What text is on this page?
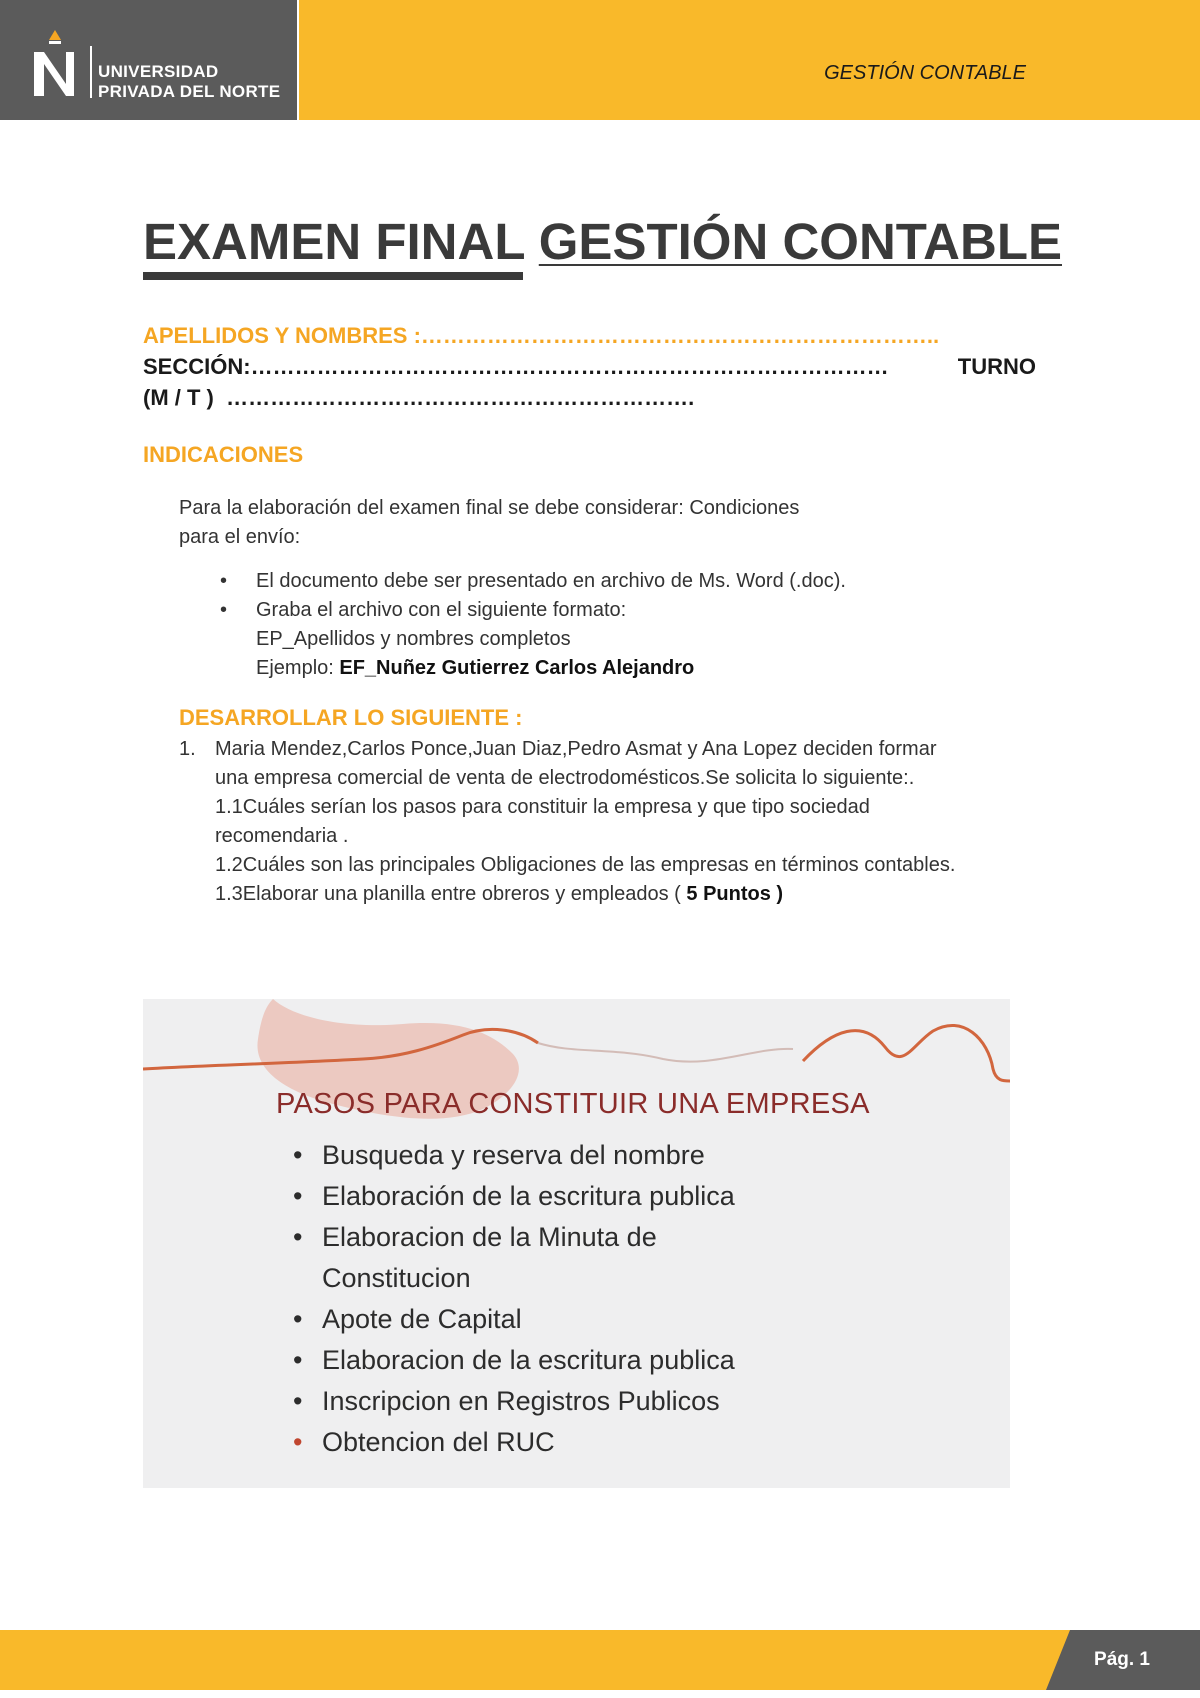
UNIVERSIDAD
PRIVADA DEL NORTE
GESTIÓN CONTABLE
EXAMEN FINAL GESTIÓN CONTABLE
APELLIDOS Y NOMBRES :……………………………………………………………..
SECCIÓN:……………………………………………………………………………	TURNO
(M / T ) ……………………………………………………….
INDICACIONES
Para la elaboración del examen final se debe considerar: Condiciones
para el envío:
• El documento debe ser presentado en archivo de Ms. Word (.doc).
• Graba el archivo con el siguiente formato:
EP_Apellidos y nombres completos
Ejemplo: EF_Nuñez Gutierrez Carlos Alejandro
DESARROLLAR LO SIGUIENTE :
1. Maria Mendez,Carlos Ponce,Juan Diaz,Pedro Asmat y Ana Lopez deciden formar
una empresa comercial de venta de electrodomésticos.Se solicita lo siguiente:.
1.1Cuáles serían los pasos para constituir la empresa y que tipo sociedad
recomendaria .
1.2Cuáles son las principales Obligaciones de las empresas en términos contables.
1.3Elaborar una planilla entre obreros y empleados ( 5 Puntos )
PASOS PARA CONSTITUIR UNA EMPRESA
• Busqueda y reserva del nombre
• Elaboración de la escritura publica
• Elaboracion de la Minuta de
Constitucion
• Apote de Capital
• Elaboracion de la escritura publica
• Inscripcion en Registros Publicos
• Obtencion del RUC
Pág. 1
